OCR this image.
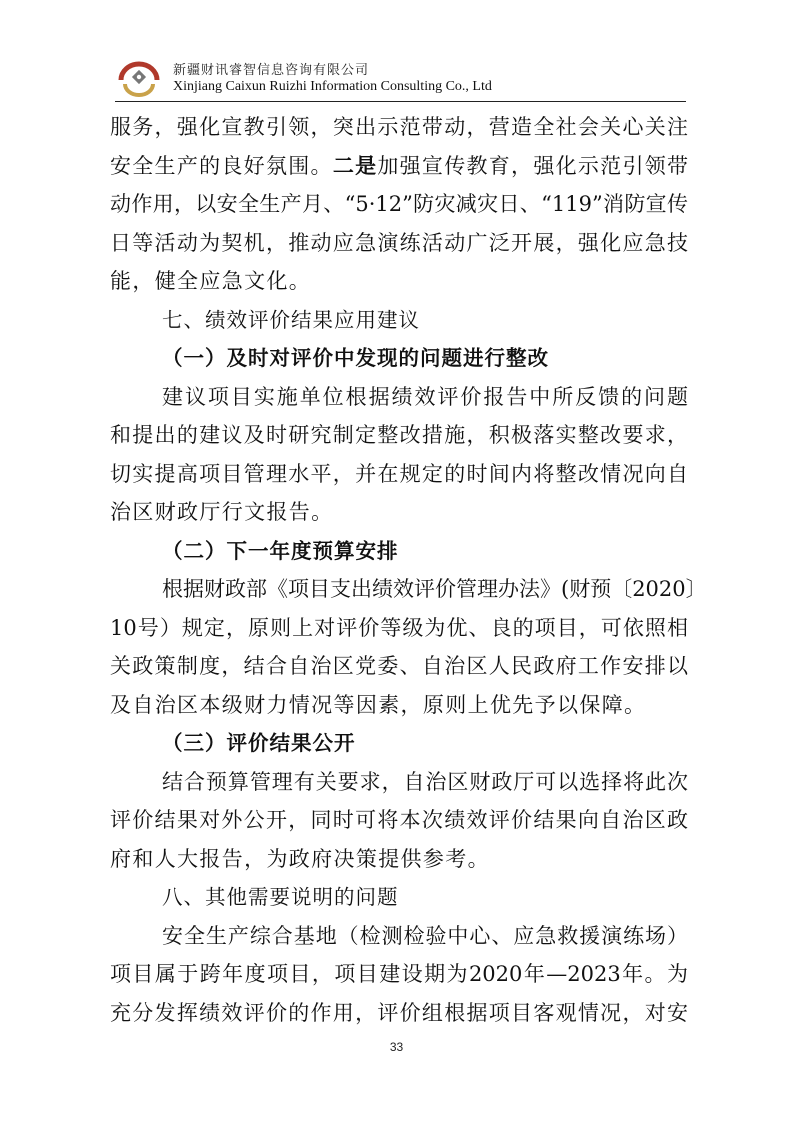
新疆财讯睿智信息咨询有限公司
Xinjiang Caixun Ruizhi Information Consulting Co., Ltd
服务，强化宣教引领，突出示范带动，营造全社会关心关注
安全生产的良好氛围。二是加强宣传教育，强化示范引领带
动作用，以安全生产月、“5·12”防灾减灾日、“119”消防宣传
日等活动为契机，推动应急演练活动广泛开展，强化应急技
能，健全应急文化。
七、绩效评价结果应用建议
（一）及时对评价中发现的问题进行整改
建议项目实施单位根据绩效评价报告中所反馈的问题
和提出的建议及时研究制定整改措施，积极落实整改要求，
切实提高项目管理水平，并在规定的时间内将整改情况向自
治区财政厅行文报告。
（二）下一年度预算安排
根据财政部《项目支出绩效评价管理办法》(财预〔2020〕
10号）规定，原则上对评价等级为优、良的项目，可依照相
关政策制度，结合自治区党委、自治区人民政府工作安排以
及自治区本级财力情况等因素，原则上优先予以保障。
（三）评价结果公开
结合预算管理有关要求，自治区财政厅可以选择将此次
评价结果对外公开，同时可将本次绩效评价结果向自治区政
府和人大报告，为政府决策提供参考。
八、其他需要说明的问题
安全生产综合基地（检测检验中心、应急救援演练场）
项目属于跨年度项目，项目建设期为2020年—2023年。为
充分发挥绩效评价的作用，评价组根据项目客观情况，对安
33
